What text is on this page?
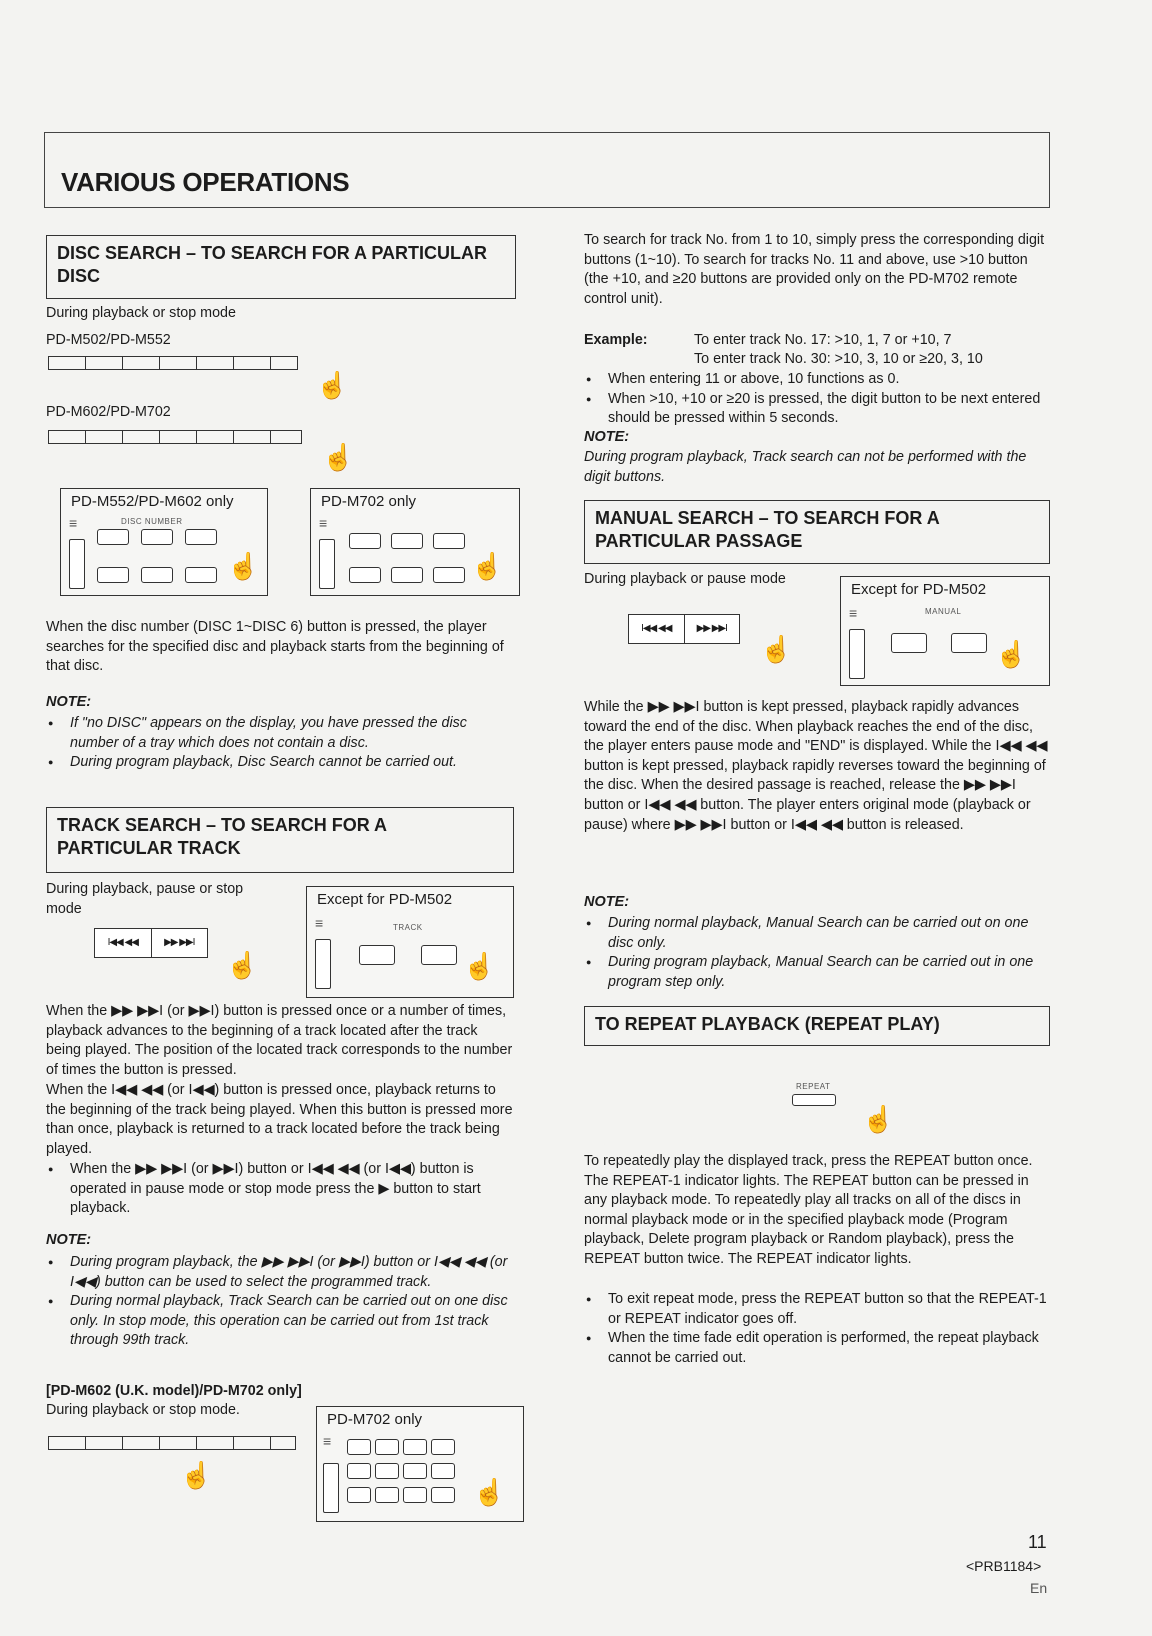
VARIOUS OPERATIONS
DISC SEARCH – TO SEARCH FOR A PARTICULAR DISC
During playback or stop mode
PD-M502/PD-M552
☝
PD-M602/PD-M702
☝
PD-M552/PD-M602 only
DISC NUMBER
≡
☝
PD-M702 only
≡
☝
When the disc number (DISC 1~DISC 6) button is pressed, the player searches for the specified disc and playback starts from the beginning of that disc.
NOTE:
● If "no DISC" appears on the display, you have pressed the disc number of a tray which does not contain a disc.
● During program playback, Disc Search cannot be carried out.
TRACK SEARCH – TO SEARCH FOR A PARTICULAR TRACK
During playback, pause or stop mode
I◀◀ ◀◀	▶▶ ▶▶I
☝
Except for PD-M502
TRACK
≡
☝
When the ▶▶ ▶▶I (or ▶▶I) button is pressed once or a number of times, playback advances to the beginning of a track located after the track being played. The position of the located track corresponds to the number of times the button is pressed.
When the I◀◀ ◀◀ (or I◀◀) button is pressed once, playback returns to the beginning of the track being played. When this button is pressed more than once, playback is returned to a track located before the track being played.
● When the ▶▶ ▶▶I (or ▶▶I) button or I◀◀ ◀◀ (or I◀◀) button is operated in pause mode or stop mode press the ▶ button to start playback.
NOTE:
● During program playback, the ▶▶ ▶▶I (or ▶▶I) button or I◀◀ ◀◀ (or I◀◀) button can be used to select the programmed track.
● During normal playback, Track Search can be carried out on one disc only. In stop mode, this operation can be carried out from 1st track through 99th track.
[PD-M602 (U.K. model)/PD-M702 only]
During playback or stop mode.
☝
PD-M702 only
≡
☝
To search for track No. from 1 to 10, simply press the corresponding digit buttons (1~10). To search for tracks No. 11 and above, use >10 button (the +10, and ≥20 buttons are provided only on the PD-M702 remote control unit).
Example:	To enter track No. 17: >10, 1, 7 or +10, 7
To enter track No. 30: >10, 3, 10 or ≥20, 3, 10
● When entering 11 or above, 10 functions as 0.
● When >10, +10 or ≥20 is pressed, the digit button to be next entered should be pressed within 5 seconds.
NOTE:
During program playback, Track search can not be performed with the digit buttons.
MANUAL SEARCH – TO SEARCH FOR A PARTICULAR PASSAGE
During playback or pause mode
I◀◀ ◀◀	▶▶ ▶▶I
☝
Except for PD-M502
MANUAL
≡
☝
While the ▶▶ ▶▶I button is kept pressed, playback rapidly advances toward the end of the disc. When playback reaches the end of the disc, the player enters pause mode and "END" is displayed. While the I◀◀ ◀◀ button is kept pressed, playback rapidly reverses toward the beginning of the disc. When the desired passage is reached, release the ▶▶ ▶▶I button or I◀◀ ◀◀ button. The player enters original mode (playback or pause) where ▶▶ ▶▶I button or I◀◀ ◀◀ button is released.
NOTE:
● During normal playback, Manual Search can be carried out on one disc only.
● During program playback, Manual Search can be carried out in one program step only.
TO REPEAT PLAYBACK (REPEAT PLAY)
REPEAT
☝
To repeatedly play the displayed track, press the REPEAT button once. The REPEAT-1 indicator lights. The REPEAT button can be pressed in any playback mode. To repeatedly play all tracks on all of the discs in normal playback mode or in the specified playback mode (Program playback, Delete program playback or Random playback), press the REPEAT button twice. The REPEAT indicator lights.
● To exit repeat mode, press the REPEAT button so that the REPEAT-1 or REPEAT indicator goes off.
● When the time fade edit operation is performed, the repeat playback cannot be carried out.
11
<PRB1184>
En
